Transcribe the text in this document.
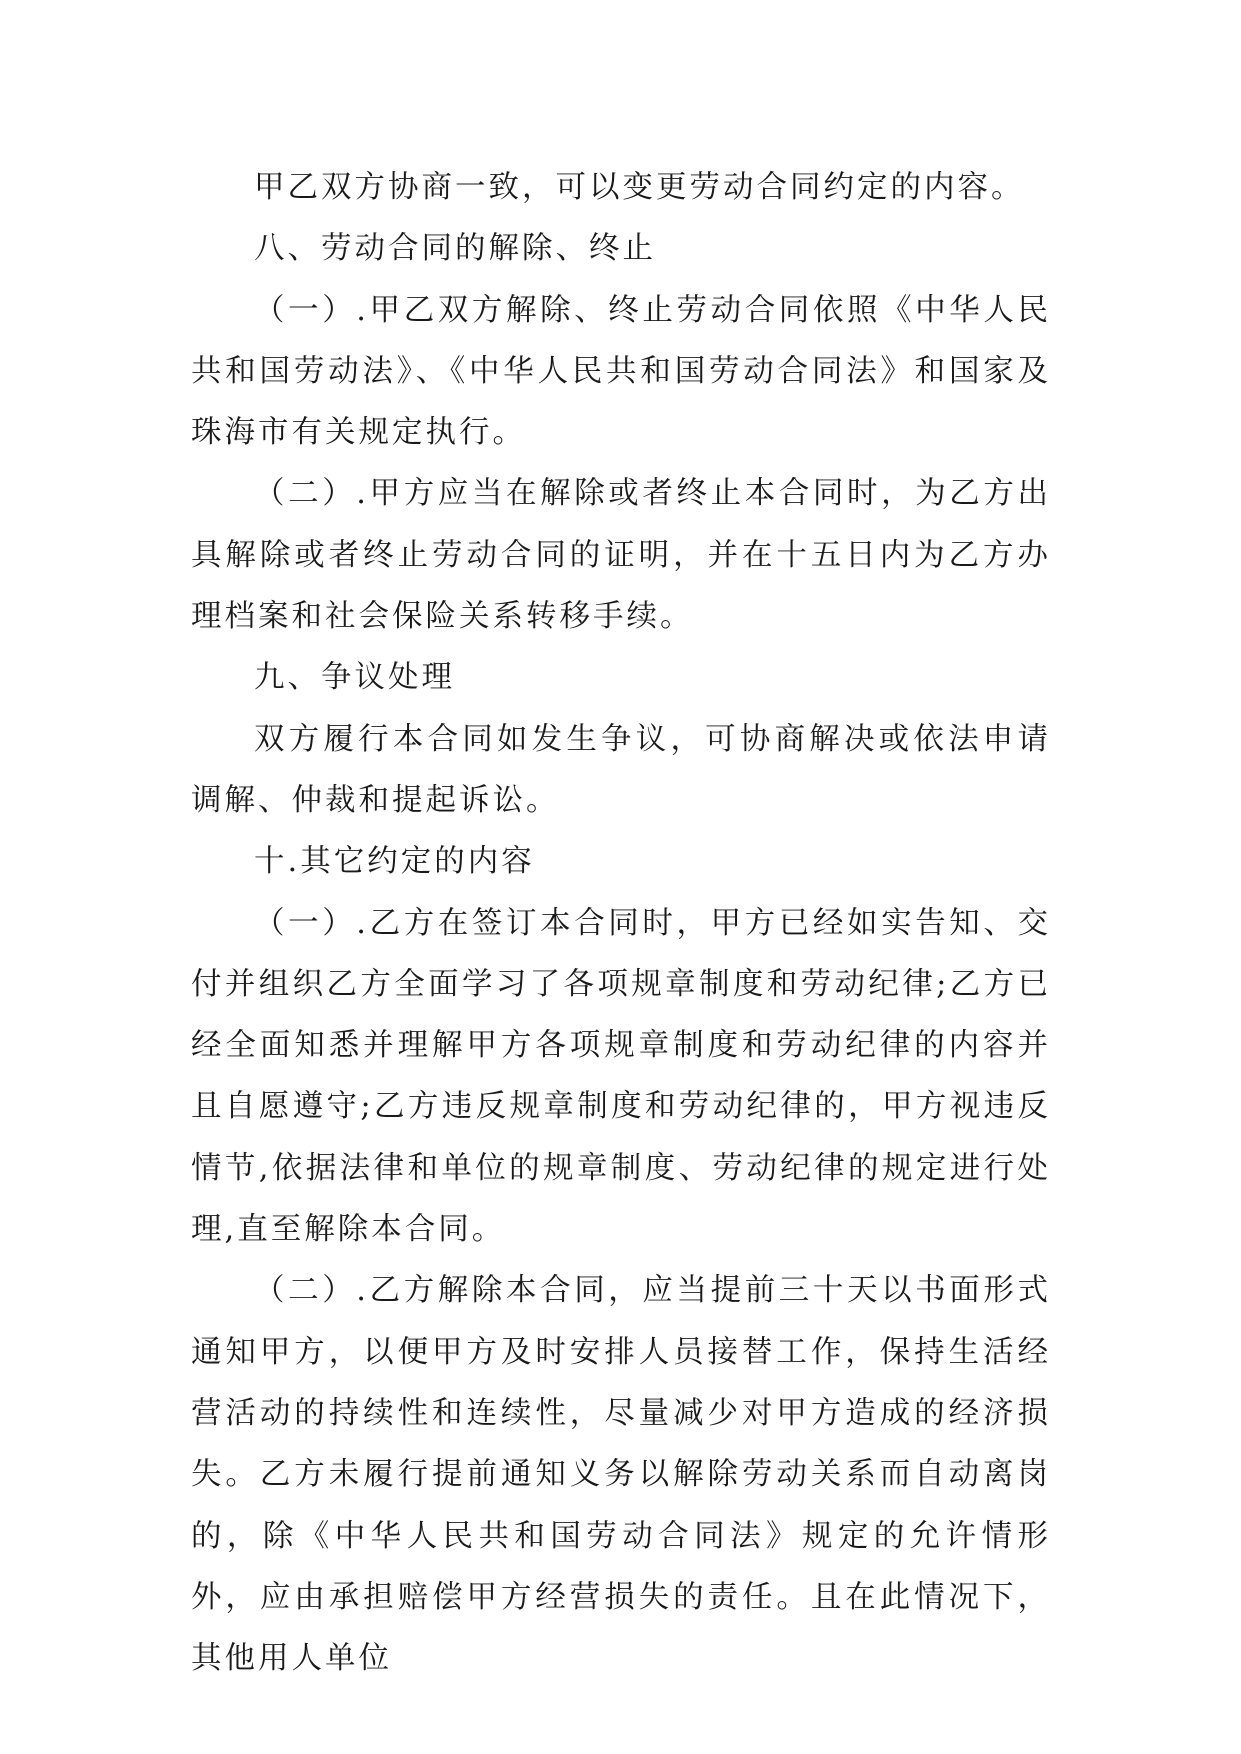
甲乙双方协商一致，可以变更劳动合同约定的内容。

八、劳动合同的解除、终止

（一）.甲乙双方解除、终止劳动合同依照《中华人民共和国劳动法》、《中华人民共和国劳动合同法》和国家及珠海市有关规定执行。

（二）.甲方应当在解除或者终止本合同时，为乙方出具解除或者终止劳动合同的证明，并在十五日内为乙方办理档案和社会保险关系转移手续。

九、争议处理

双方履行本合同如发生争议，可协商解决或依法申请调解、仲裁和提起诉讼。

十.其它约定的内容

（一）.乙方在签订本合同时，甲方已经如实告知、交付并组织乙方全面学习了各项规章制度和劳动纪律;乙方已经全面知悉并理解甲方各项规章制度和劳动纪律的内容并且自愿遵守;乙方违反规章制度和劳动纪律的，甲方视违反情节,依据法律和单位的规章制度、劳动纪律的规定进行处理,直至解除本合同。

（二）.乙方解除本合同，应当提前三十天以书面形式通知甲方，以便甲方及时安排人员接替工作，保持生活经营活动的持续性和连续性，尽量减少对甲方造成的经济损失。乙方未履行提前通知义务以解除劳动关系而自动离岗的，除《中华人民共和国劳动合同法》规定的允许情形外，应由承担赔偿甲方经营损失的责任。且在此情况下，其他用人单位
